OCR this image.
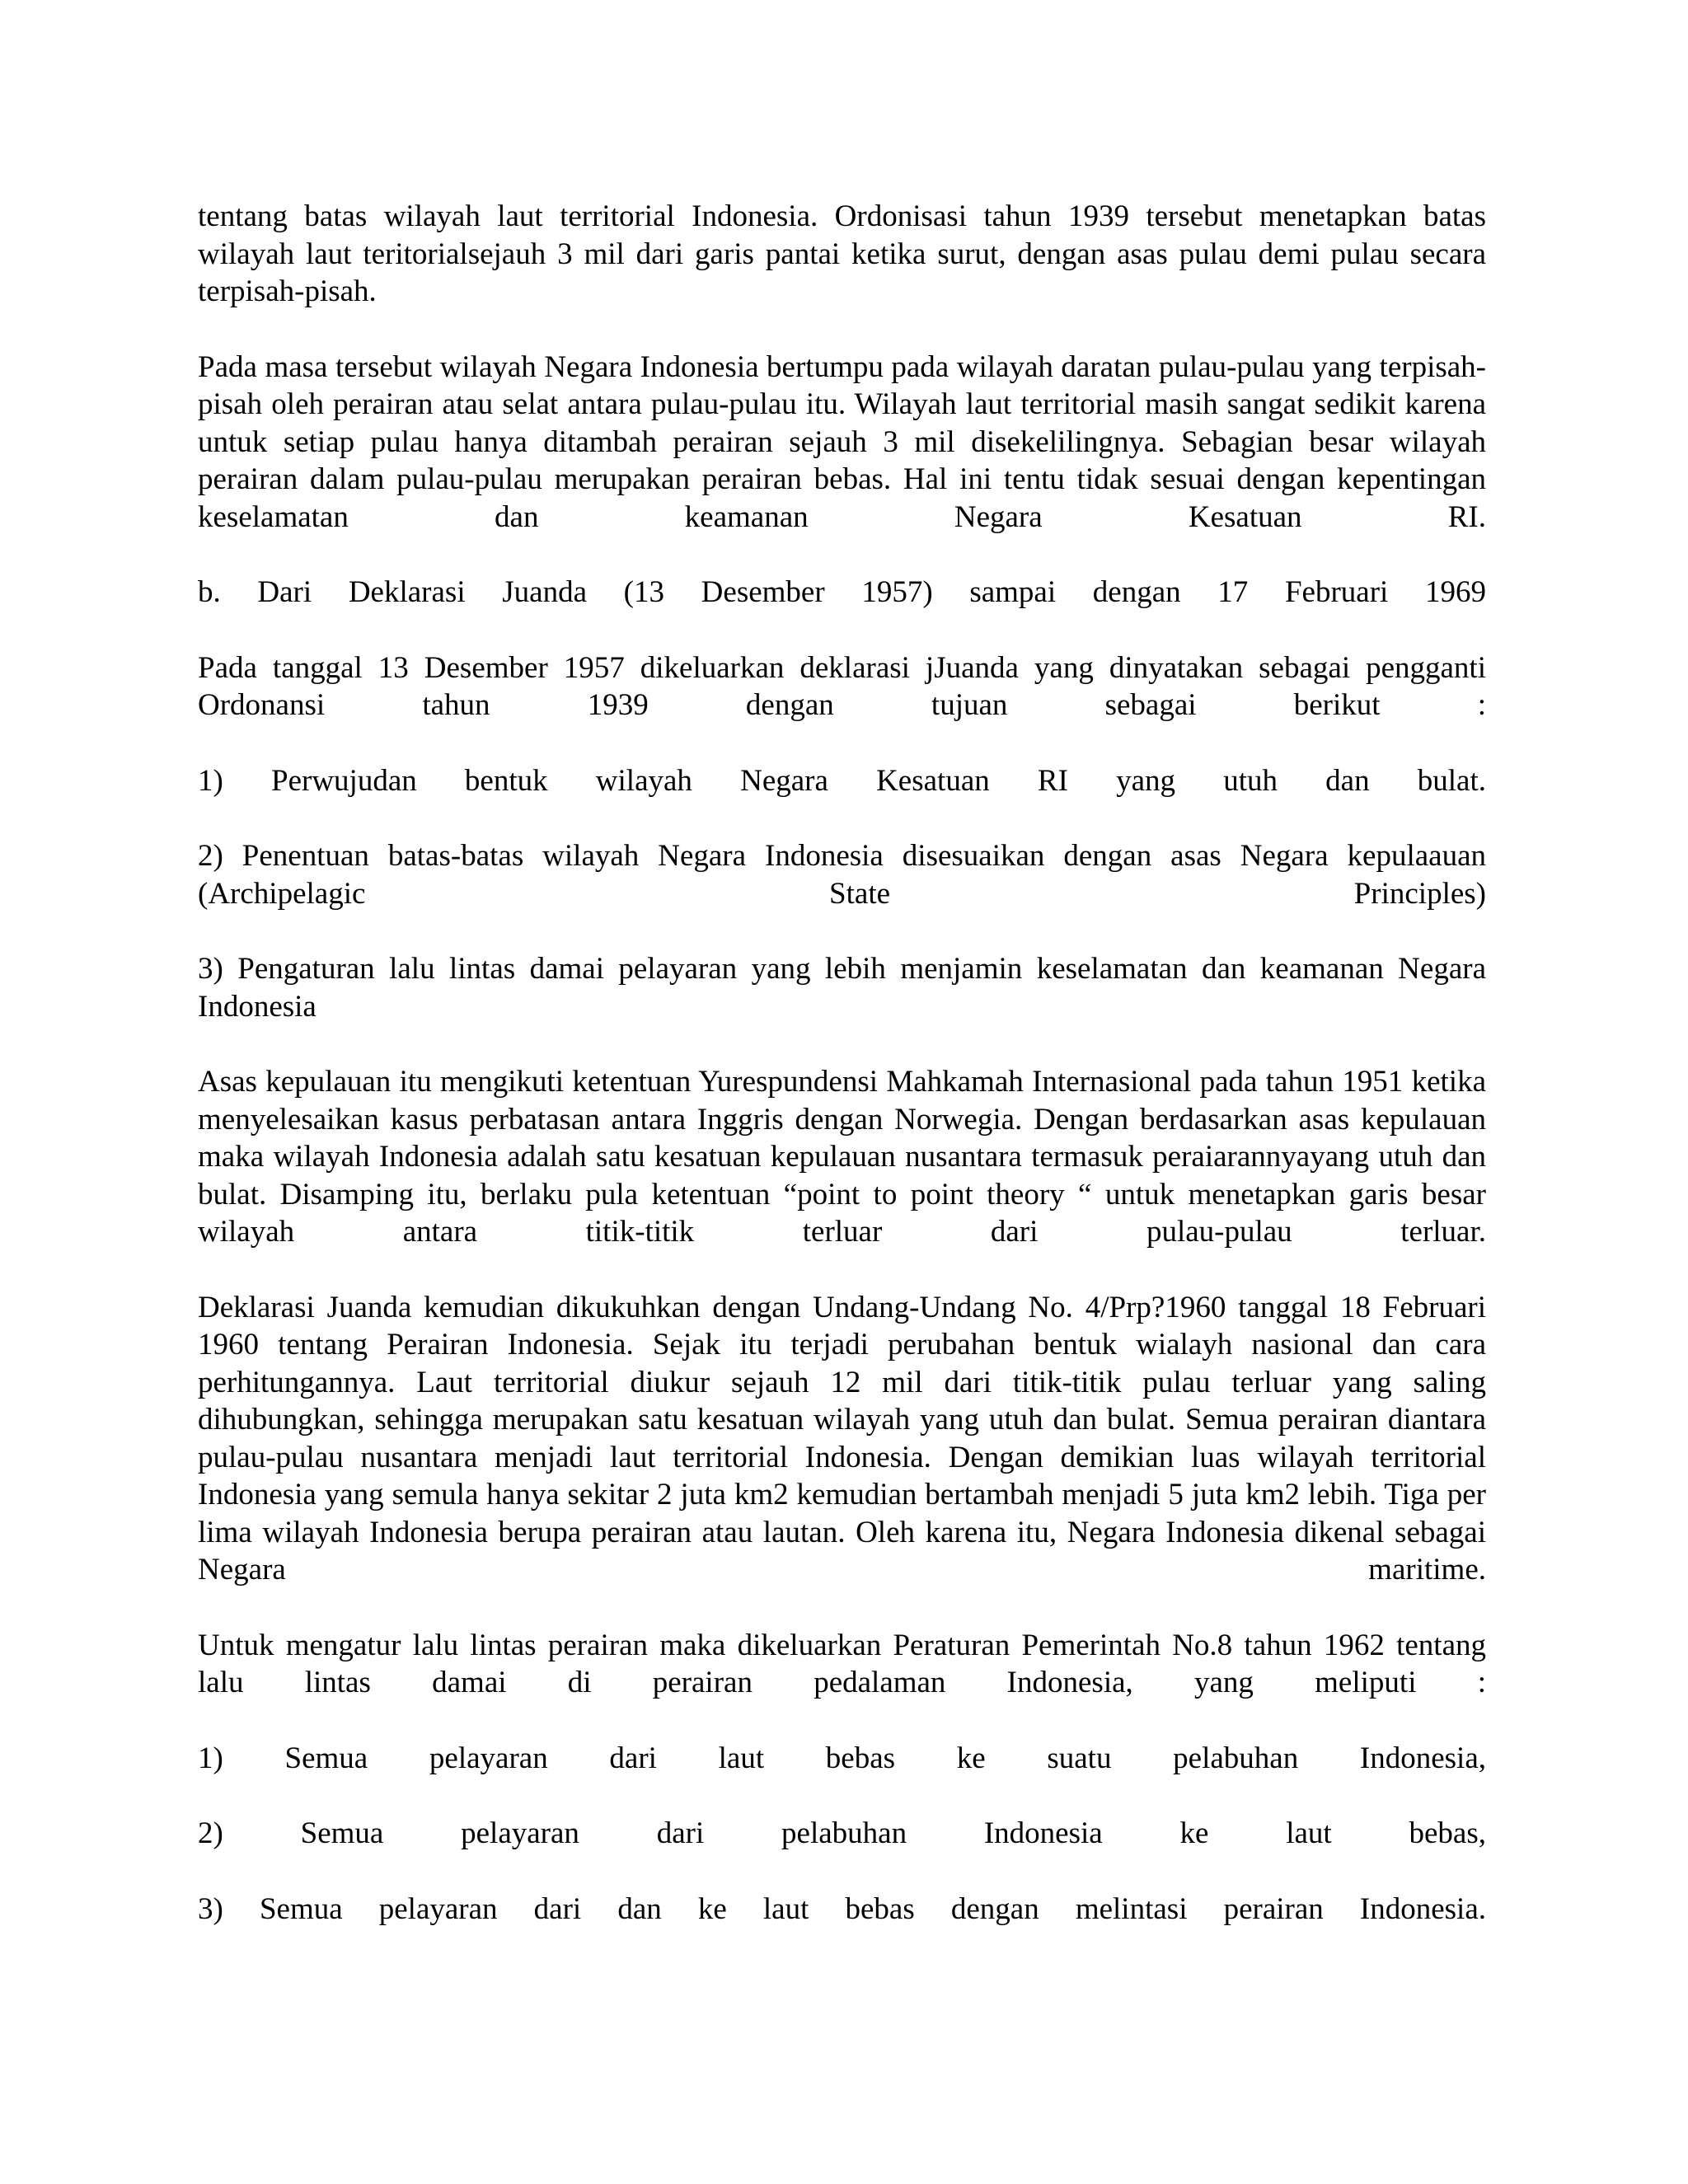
tentang batas wilayah laut territorial Indonesia. Ordonisasi tahun 1939 tersebut menetapkan batas wilayah laut teritorialsejauh 3 mil dari garis pantai ketika surut, dengan asas pulau demi pulau secara terpisah-pisah.

Pada masa tersebut wilayah Negara Indonesia bertumpu pada wilayah daratan pulau-pulau yang terpisah-pisah oleh perairan atau selat antara pulau-pulau itu. Wilayah laut territorial masih sangat sedikit karena untuk setiap pulau hanya ditambah perairan sejauh 3 mil disekelilingnya. Sebagian besar wilayah perairan dalam pulau-pulau merupakan perairan bebas. Hal ini tentu tidak sesuai dengan kepentingan keselamatan dan keamanan Negara Kesatuan RI.

b. Dari Deklarasi Juanda (13 Desember 1957) sampai dengan 17 Februari 1969

Pada tanggal 13 Desember 1957 dikeluarkan deklarasi jJuanda yang dinyatakan sebagai pengganti Ordonansi tahun 1939 dengan tujuan sebagai berikut :

1) Perwujudan bentuk wilayah Negara Kesatuan RI yang utuh dan bulat.

2) Penentuan batas-batas wilayah Negara Indonesia disesuaikan dengan asas Negara kepulaauan (Archipelagic State Principles)

3) Pengaturan lalu lintas damai pelayaran yang lebih menjamin keselamatan dan keamanan Negara Indonesia

Asas kepulauan itu mengikuti ketentuan Yurespundensi Mahkamah Internasional pada tahun 1951 ketika menyelesaikan kasus perbatasan antara Inggris dengan Norwegia. Dengan berdasarkan asas kepulauan maka wilayah Indonesia adalah satu kesatuan kepulauan nusantara termasuk peraiarannyayang utuh dan bulat. Disamping itu, berlaku pula ketentuan “point to point theory “ untuk menetapkan garis besar wilayah antara titik-titik terluar dari pulau-pulau terluar.

Deklarasi Juanda kemudian dikukuhkan dengan Undang-Undang No. 4/Prp?1960 tanggal 18 Februari 1960 tentang Perairan Indonesia. Sejak itu terjadi perubahan bentuk wialayh nasional dan cara perhitungannya. Laut territorial diukur sejauh 12 mil dari titik-titik pulau terluar yang saling dihubungkan, sehingga merupakan satu kesatuan wilayah yang utuh dan bulat. Semua perairan diantara pulau-pulau nusantara menjadi laut territorial Indonesia. Dengan demikian luas wilayah territorial Indonesia yang semula hanya sekitar 2 juta km2 kemudian bertambah menjadi 5 juta km2 lebih. Tiga per lima wilayah Indonesia berupa perairan atau lautan. Oleh karena itu, Negara Indonesia dikenal sebagai Negara maritime.

Untuk mengatur lalu lintas perairan maka dikeluarkan Peraturan Pemerintah No.8 tahun 1962 tentang lalu lintas damai di perairan pedalaman Indonesia, yang meliputi :

1) Semua pelayaran dari laut bebas ke suatu pelabuhan Indonesia,

2) Semua pelayaran dari pelabuhan Indonesia ke laut bebas,

3) Semua pelayaran dari dan ke laut bebas dengan melintasi perairan Indonesia.
